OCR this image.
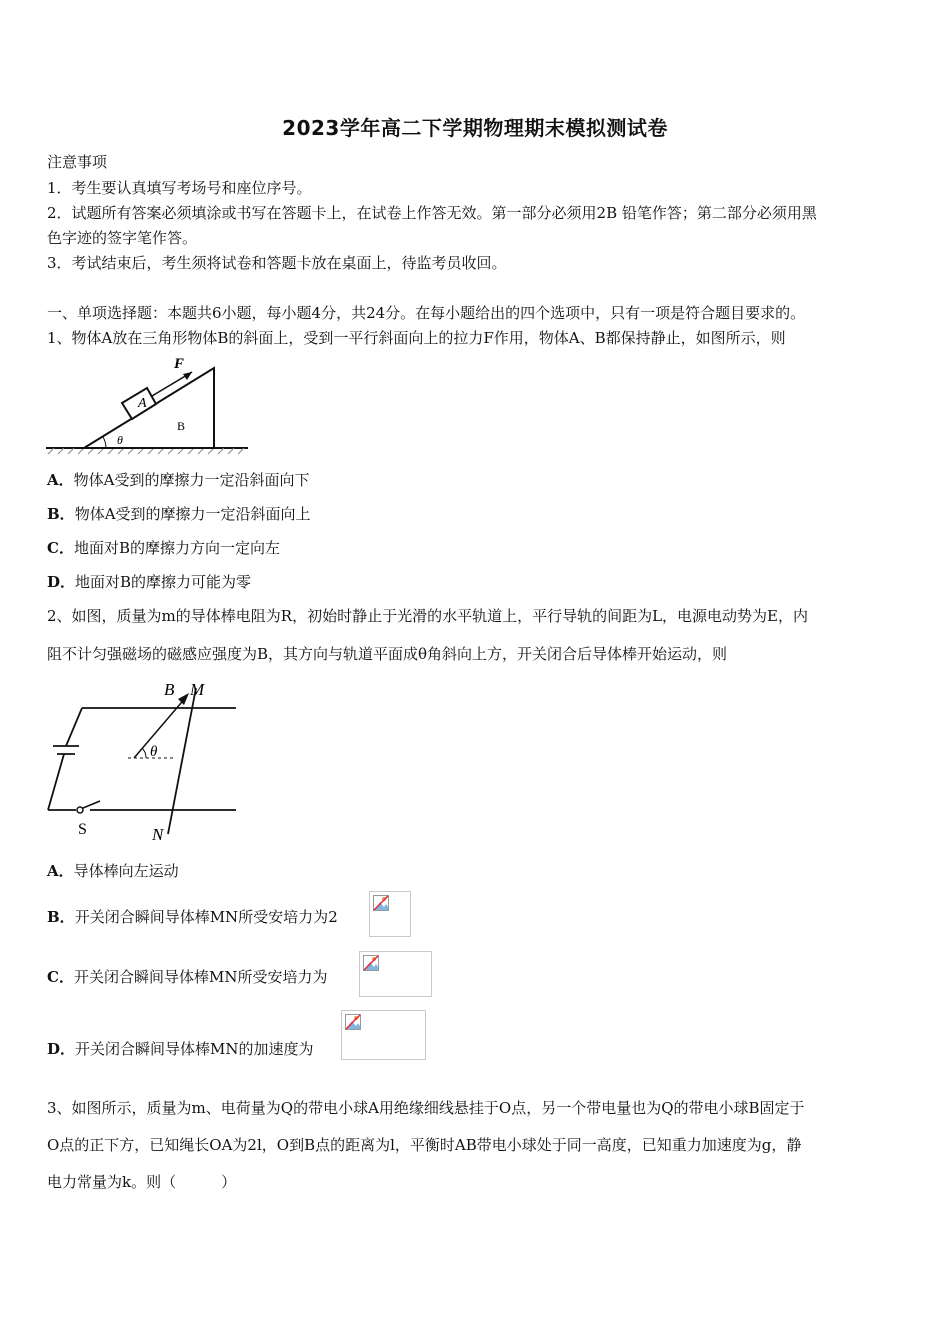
2023学年高二下学期物理期末模拟测试卷
注意事项
1．考生要认真填写考场号和座位序号。
2．试题所有答案必须填涂或书写在答题卡上，在试卷上作答无效。第一部分必须用2B 铅笔作答；第二部分必须用黑
色字迹的签字笔作答。
3．考试结束后，考生须将试卷和答题卡放在桌面上，待监考员收回。
一、单项选择题：本题共6小题，每小题4分，共24分。在每小题给出的四个选项中，只有一项是符合题目要求的。
1、物体A放在三角形物体B的斜面上，受到一平行斜面向上的拉力F作用，物体A、B都保持静止，如图所示，则
F
A
B
θ
A．物体A受到的摩擦力一定沿斜面向下
B．物体A受到的摩擦力一定沿斜面向上
C．地面对B的摩擦力方向一定向左
D．地面对B的摩擦力可能为零
2、如图，质量为m的导体棒电阻为R，初始时静止于光滑的水平轨道上，平行导轨的间距为L，电源电动势为E，内
阻不计匀强磁场的磁感应强度为B，其方向与轨道平面成θ角斜向上方，开关闭合后导体棒开始运动，则
B M
θ
S	N
A．导体棒向左运动
B．开关闭合瞬间导体棒MN所受安培力为2
C．开关闭合瞬间导体棒MN所受安培力为
D．开关闭合瞬间导体棒MN的加速度为
3、如图所示，质量为m、电荷量为Q的带电小球A用绝缘细线悬挂于O点，另一个带电量也为Q的带电小球B固定于
O点的正下方，已知绳长OA为2l，O到B点的距离为l，平衡时AB带电小球处于同一高度，已知重力加速度为g，静
电力常量为k。则（　　　）
